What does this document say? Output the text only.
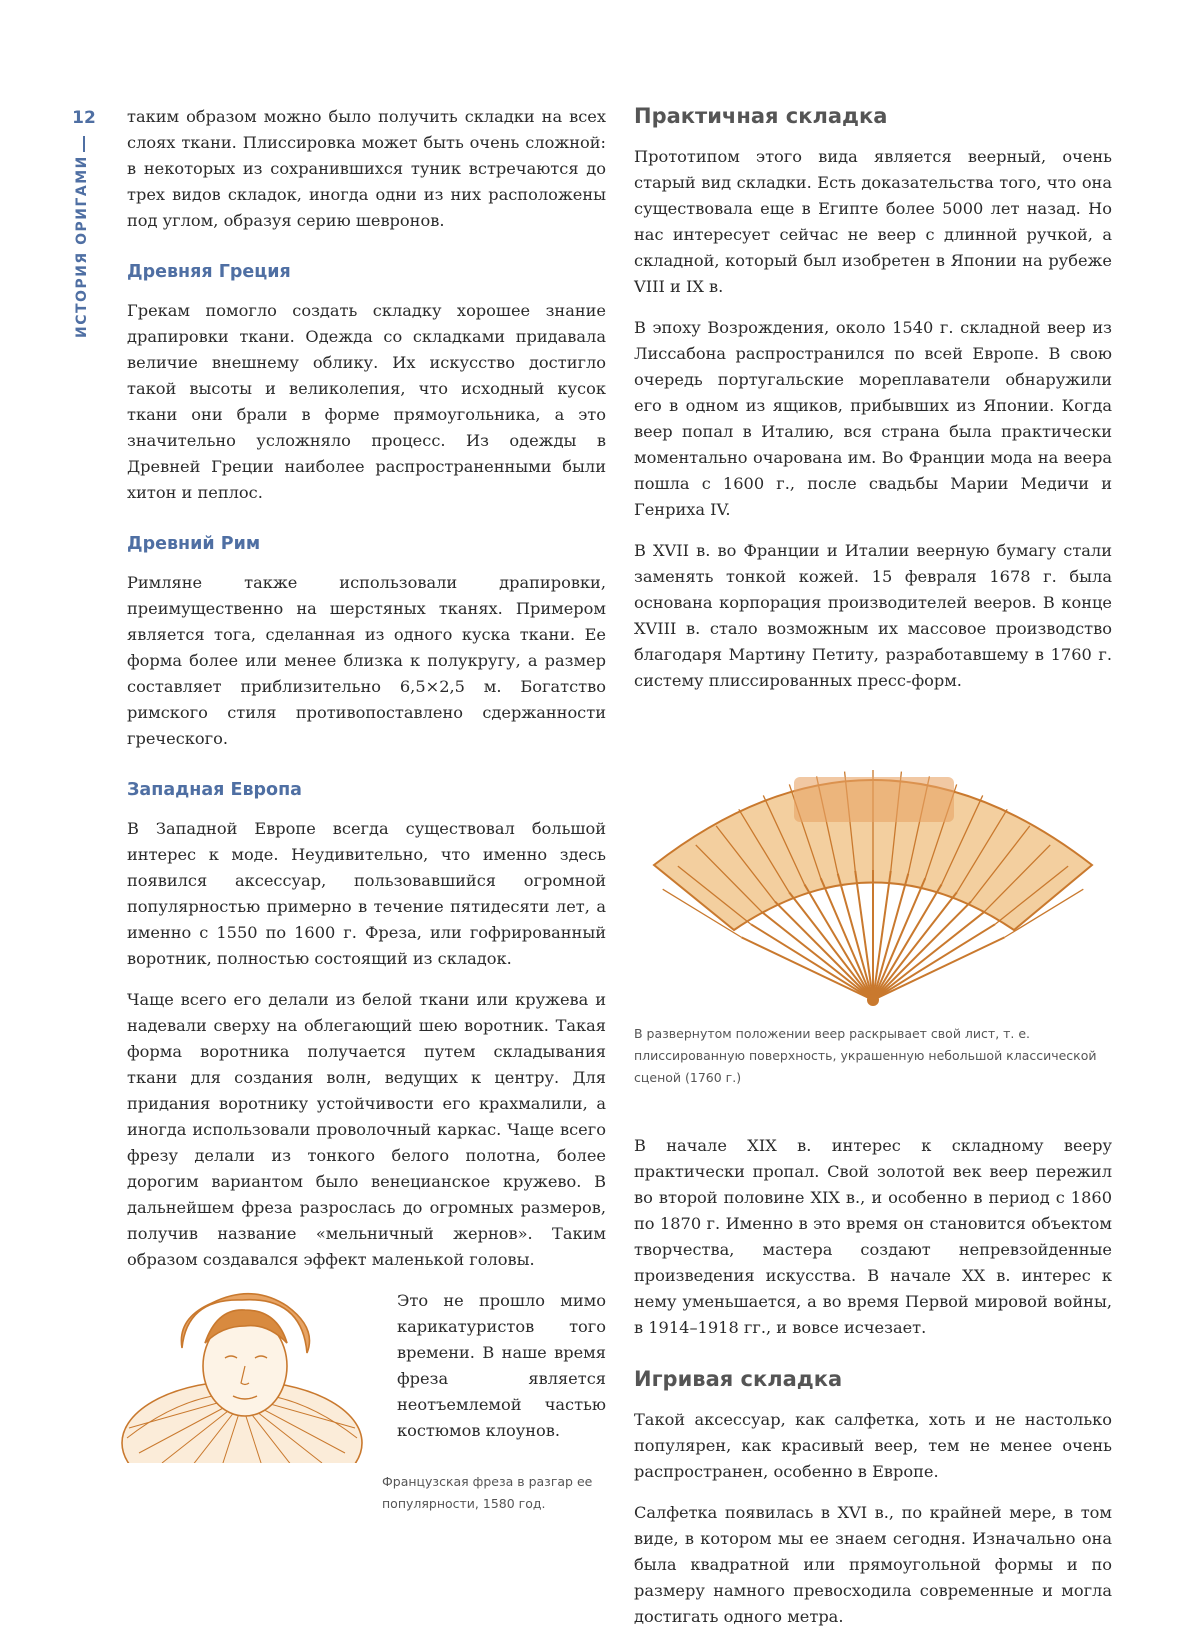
12
ИСТОРИЯ ОРИГАМИ

таким образом можно было получить складки на всех слоях ткани. Плиссировка может быть очень сложной: в некоторых из сохранившихся туник встречаются до трех видов складок, иногда одни из них расположены под углом, образуя серию шевронов.

Древняя Греция

Грекам помогло создать складку хорошее знание драпировки ткани. Одежда со складками придавала величие внешнему облику. Их искусство достигло такой высоты и великолепия, что исходный кусок ткани они брали в форме прямоугольника, а это значительно усложняло процесс. Из одежды в Древней Греции наиболее распространенными были хитон и пеплос.

Древний Рим

Римляне также использовали драпировки, преимущественно на шерстяных тканях. Примером является тога, сделанная из одного куска ткани. Ее форма более или менее близка к полукругу, а размер составляет приблизительно 6,5×2,5 м. Богатство римского стиля противопоставлено сдержанности греческого.

Западная Европа

В Западной Европе всегда существовал большой интерес к моде. Неудивительно, что именно здесь появился аксессуар, пользовавшийся огромной популярностью примерно в течение пятидесяти лет, а именно с 1550 по 1600 г. Фреза, или гофрированный воротник, полностью состоящий из складок.

Чаще всего его делали из белой ткани или кружева и надевали сверху на облегающий шею воротник. Такая форма воротника получается путем складывания ткани для создания волн, ведущих к центру. Для придания воротнику устойчивости его крахмалили, а иногда использовали проволочный каркас. Чаще всего фрезу делали из тонкого белого полотна, более дорогим вариантом было венецианское кружево. В дальнейшем фреза разрослась до огромных размеров, получив название «мельничный жернов». Таким образом создавался эффект маленькой головы.

Это не прошло мимо карикатуристов того времени. В наше время фреза является неотъемлемой частью костюмов клоунов.

Французская фреза в разгар ее
популярности, 1580 год.
Практичная складка

Прототипом этого вида является веерный, очень старый вид складки. Есть доказательства того, что она существовала еще в Египте более 5000 лет назад. Но нас интересует сейчас не веер с длинной ручкой, а складной, который был изобретен в Японии на рубеже VIII и IX в.

В эпоху Возрождения, около 1540 г. складной веер из Лиссабона распространился по всей Европе. В свою очередь португальские мореплаватели обнаружили его в одном из ящиков, прибывших из Японии. Когда веер попал в Италию, вся страна была практически моментально очарована им. Во Франции мода на веера пошла с 1600 г., после свадьбы Марии Медичи и Генриха IV.

В XVII в. во Франции и Италии веерную бумагу стали заменять тонкой кожей. 15 февраля 1678 г. была основана корпорация производителей вееров. В конце XVIII в. стало возможным их массовое производство благодаря Мартину Петиту, разработавшему в 1760 г. систему плиссированных пресс-форм.

В развернутом положении веер раскрывает свой лист, т. е. плиссированную поверхность, украшенную небольшой классической сценой (1760 г.)

В начале XIX в. интерес к складному вееру практически пропал. Свой золотой век веер пережил во второй половине XIX в., и особенно в период с 1860 по 1870 г. Именно в это время он становится объектом творчества, мастера создают непревзойденные произведения искусства. В начале XX в. интерес к нему уменьшается, а во время Первой мировой войны, в 1914–1918 гг., и вовсе исчезает.

Игривая складка

Такой аксессуар, как салфетка, хоть и не настолько популярен, как красивый веер, тем не менее очень распространен, особенно в Европе.

Салфетка появилась в XVI в., по крайней мере, в том виде, в котором мы ее знаем сегодня. Изначально она была квадратной или прямоугольной формы и по размеру намного превосходила современные и могла достигать одного метра.
